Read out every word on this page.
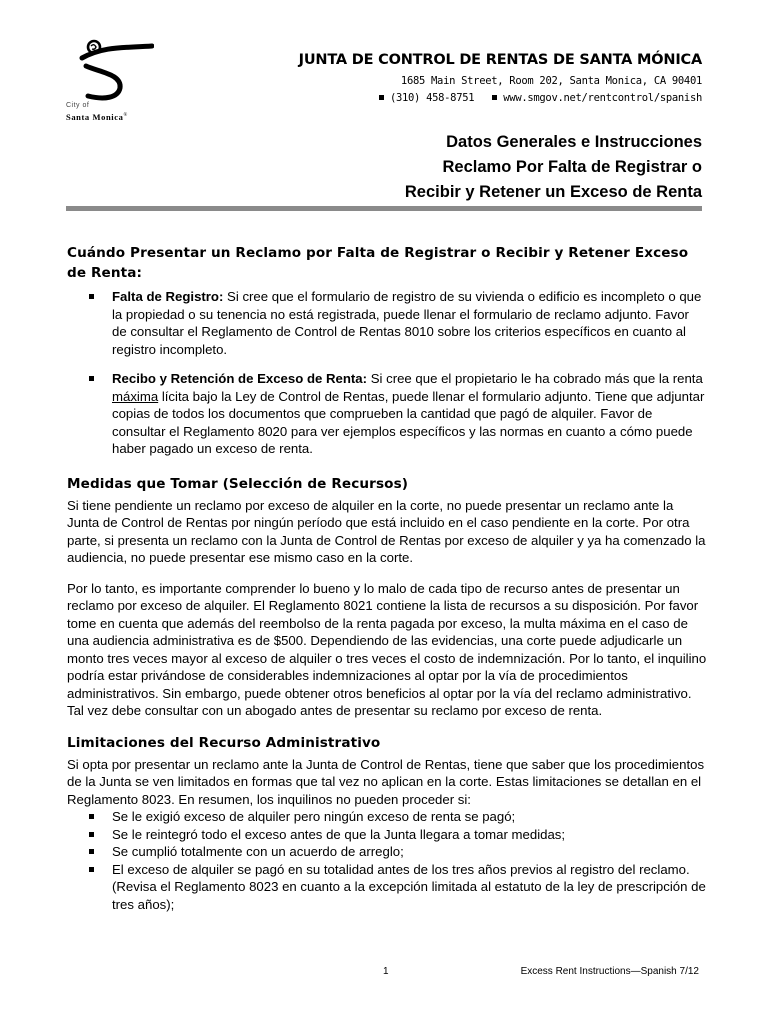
City of
Santa Monica®
JUNTA DE CONTROL DE RENTAS DE SANTA MÓNICA
1685 Main Street, Room 202, Santa Monica, CA 90401
(310) 458-8751	www.smgov.net/rentcontrol/spanish
Datos Generales e Instrucciones
Reclamo Por Falta de Registrar o
Recibir y Retener un Exceso de Renta
Cuándo Presentar un Reclamo por Falta de Registrar o Recibir y Retener Exceso de Renta:
Falta de Registro: Si cree que el formulario de registro de su vivienda o edificio es incompleto o que la propiedad o su tenencia no está registrada, puede llenar el formulario de reclamo adjunto. Favor de consultar el Reglamento de Control de Rentas 8010 sobre los criterios específicos en cuanto al registro incompleto.
Recibo y Retención de Exceso de Renta: Si cree que el propietario le ha cobrado más que la renta máxima lícita bajo la Ley de Control de Rentas, puede llenar el formulario adjunto. Tiene que adjuntar copias de todos los documentos que comprueben la cantidad que pagó de alquiler. Favor de consultar el Reglamento 8020 para ver ejemplos específicos y las normas en cuanto a cómo puede haber pagado un exceso de renta.
Medidas que Tomar (Selección de Recursos)

Si tiene pendiente un reclamo por exceso de alquiler en la corte, no puede presentar un reclamo ante la Junta de Control de Rentas por ningún período que está incluido en el caso pendiente en la corte. Por otra parte, si presenta un reclamo con la Junta de Control de Rentas por exceso de alquiler y ya ha comenzado la audiencia, no puede presentar ese mismo caso en la corte.

Por lo tanto, es importante comprender lo bueno y lo malo de cada tipo de recurso antes de presentar un reclamo por exceso de alquiler. El Reglamento 8021 contiene la lista de recursos a su disposición. Por favor tome en cuenta que además del reembolso de la renta pagada por exceso, la multa máxima en el caso de una audiencia administrativa es de $500. Dependiendo de las evidencias, una corte puede adjudicarle un monto tres veces mayor al exceso de alquiler o tres veces el costo de indemnización. Por lo tanto, el inquilino podría estar privándose de considerables indemnizaciones al optar por la vía de procedimientos administrativos. Sin embargo, puede obtener otros beneficios al optar por la vía del reclamo administrativo. Tal vez debe consultar con un abogado antes de presentar su reclamo por exceso de renta.

Limitaciones del Recurso Administrativo

Si opta por presentar un reclamo ante la Junta de Control de Rentas, tiene que saber que los procedimientos de la Junta se ven limitados en formas que tal vez no aplican en la corte. Estas limitaciones se detallan en el Reglamento 8023. En resumen, los inquilinos no pueden proceder si:

Se le exigió exceso de alquiler pero ningún exceso de renta se pagó;
Se le reintegró todo el exceso antes de que la Junta llegara a tomar medidas;
Se cumplió totalmente con un acuerdo de arreglo;
El exceso de alquiler se pagó en su totalidad antes de los tres años previos al registro del reclamo. (Revisa el Reglamento 8023 en cuanto a la excepción limitada al estatuto de la ley de prescripción de tres años);
1	Excess Rent Instructions—Spanish 7/12
